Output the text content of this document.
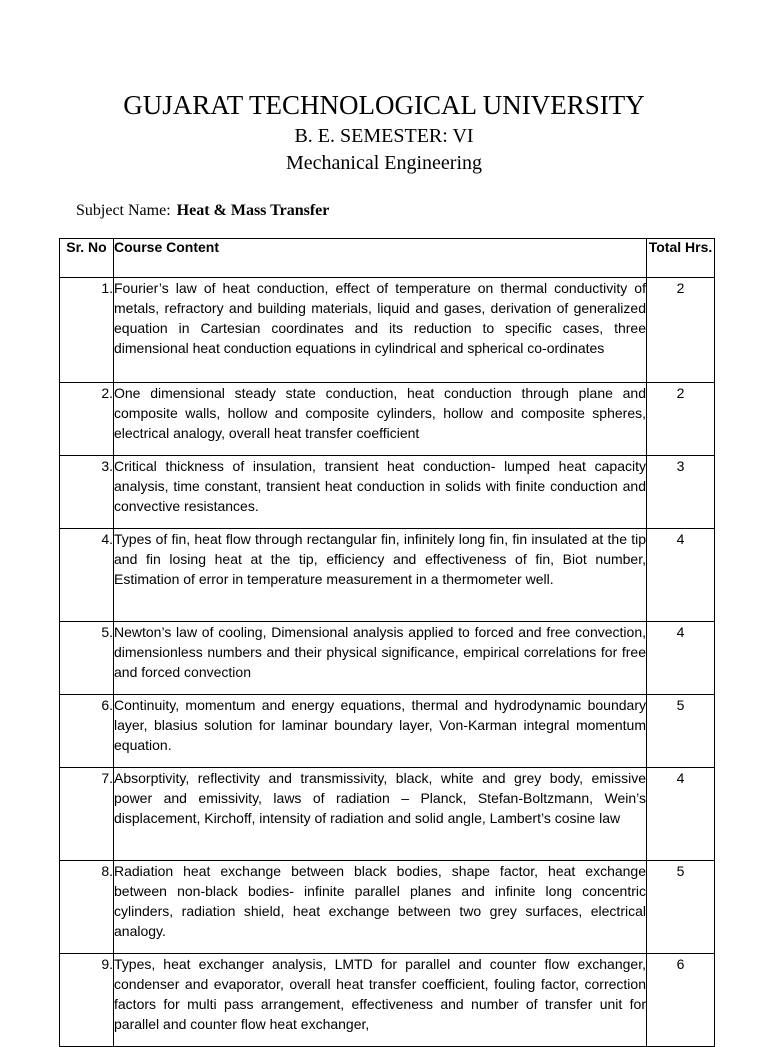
GUJARAT TECHNOLOGICAL UNIVERSITY
B. E. SEMESTER: VI
Mechanical Engineering
Subject Name: Heat & Mass Transfer
Sr. No	Course Content	Total Hrs.
1.	Fourier’s law of heat conduction, effect of temperature on thermal conductivity of metals, refractory and building materials, liquid and gases, derivation of generalized equation in Cartesian coordinates and its reduction to specific cases, three dimensional heat conduction equations in cylindrical and spherical co-ordinates	2
2.	One dimensional steady state conduction, heat conduction through plane and composite walls, hollow and composite cylinders, hollow and composite spheres, electrical analogy, overall heat transfer coefficient	2
3.	Critical thickness of insulation, transient heat conduction- lumped heat capacity analysis, time constant, transient heat conduction in solids with finite conduction and convective resistances.	3
4.	Types of fin, heat flow through rectangular fin, infinitely long fin, fin insulated at the tip and fin losing heat at the tip, efficiency and effectiveness of fin, Biot number, Estimation of error in temperature measurement in a thermometer well.	4
5.	Newton’s law of cooling, Dimensional analysis applied to forced and free convection, dimensionless numbers and their physical significance, empirical correlations for free and forced convection	4
6.	Continuity, momentum and energy equations, thermal and hydrodynamic boundary layer, blasius solution for laminar boundary layer, Von-Karman integral momentum equation.	5
7.	Absorptivity, reflectivity and transmissivity, black, white and grey body, emissive power and emissivity, laws of radiation – Planck, Stefan-Boltzmann, Wein’s displacement, Kirchoff, intensity of radiation and solid angle, Lambert’s cosine law	4
8.	Radiation heat exchange between black bodies, shape factor, heat exchange between non-black bodies- infinite parallel planes and infinite long concentric cylinders, radiation shield, heat exchange between two grey surfaces, electrical analogy.	5
9.	Types, heat exchanger analysis, LMTD for parallel and counter flow exchanger, condenser and evaporator, overall heat transfer coefficient, fouling factor, correction factors for multi pass arrangement, effectiveness and number of transfer unit for parallel and counter flow heat exchanger,	6
